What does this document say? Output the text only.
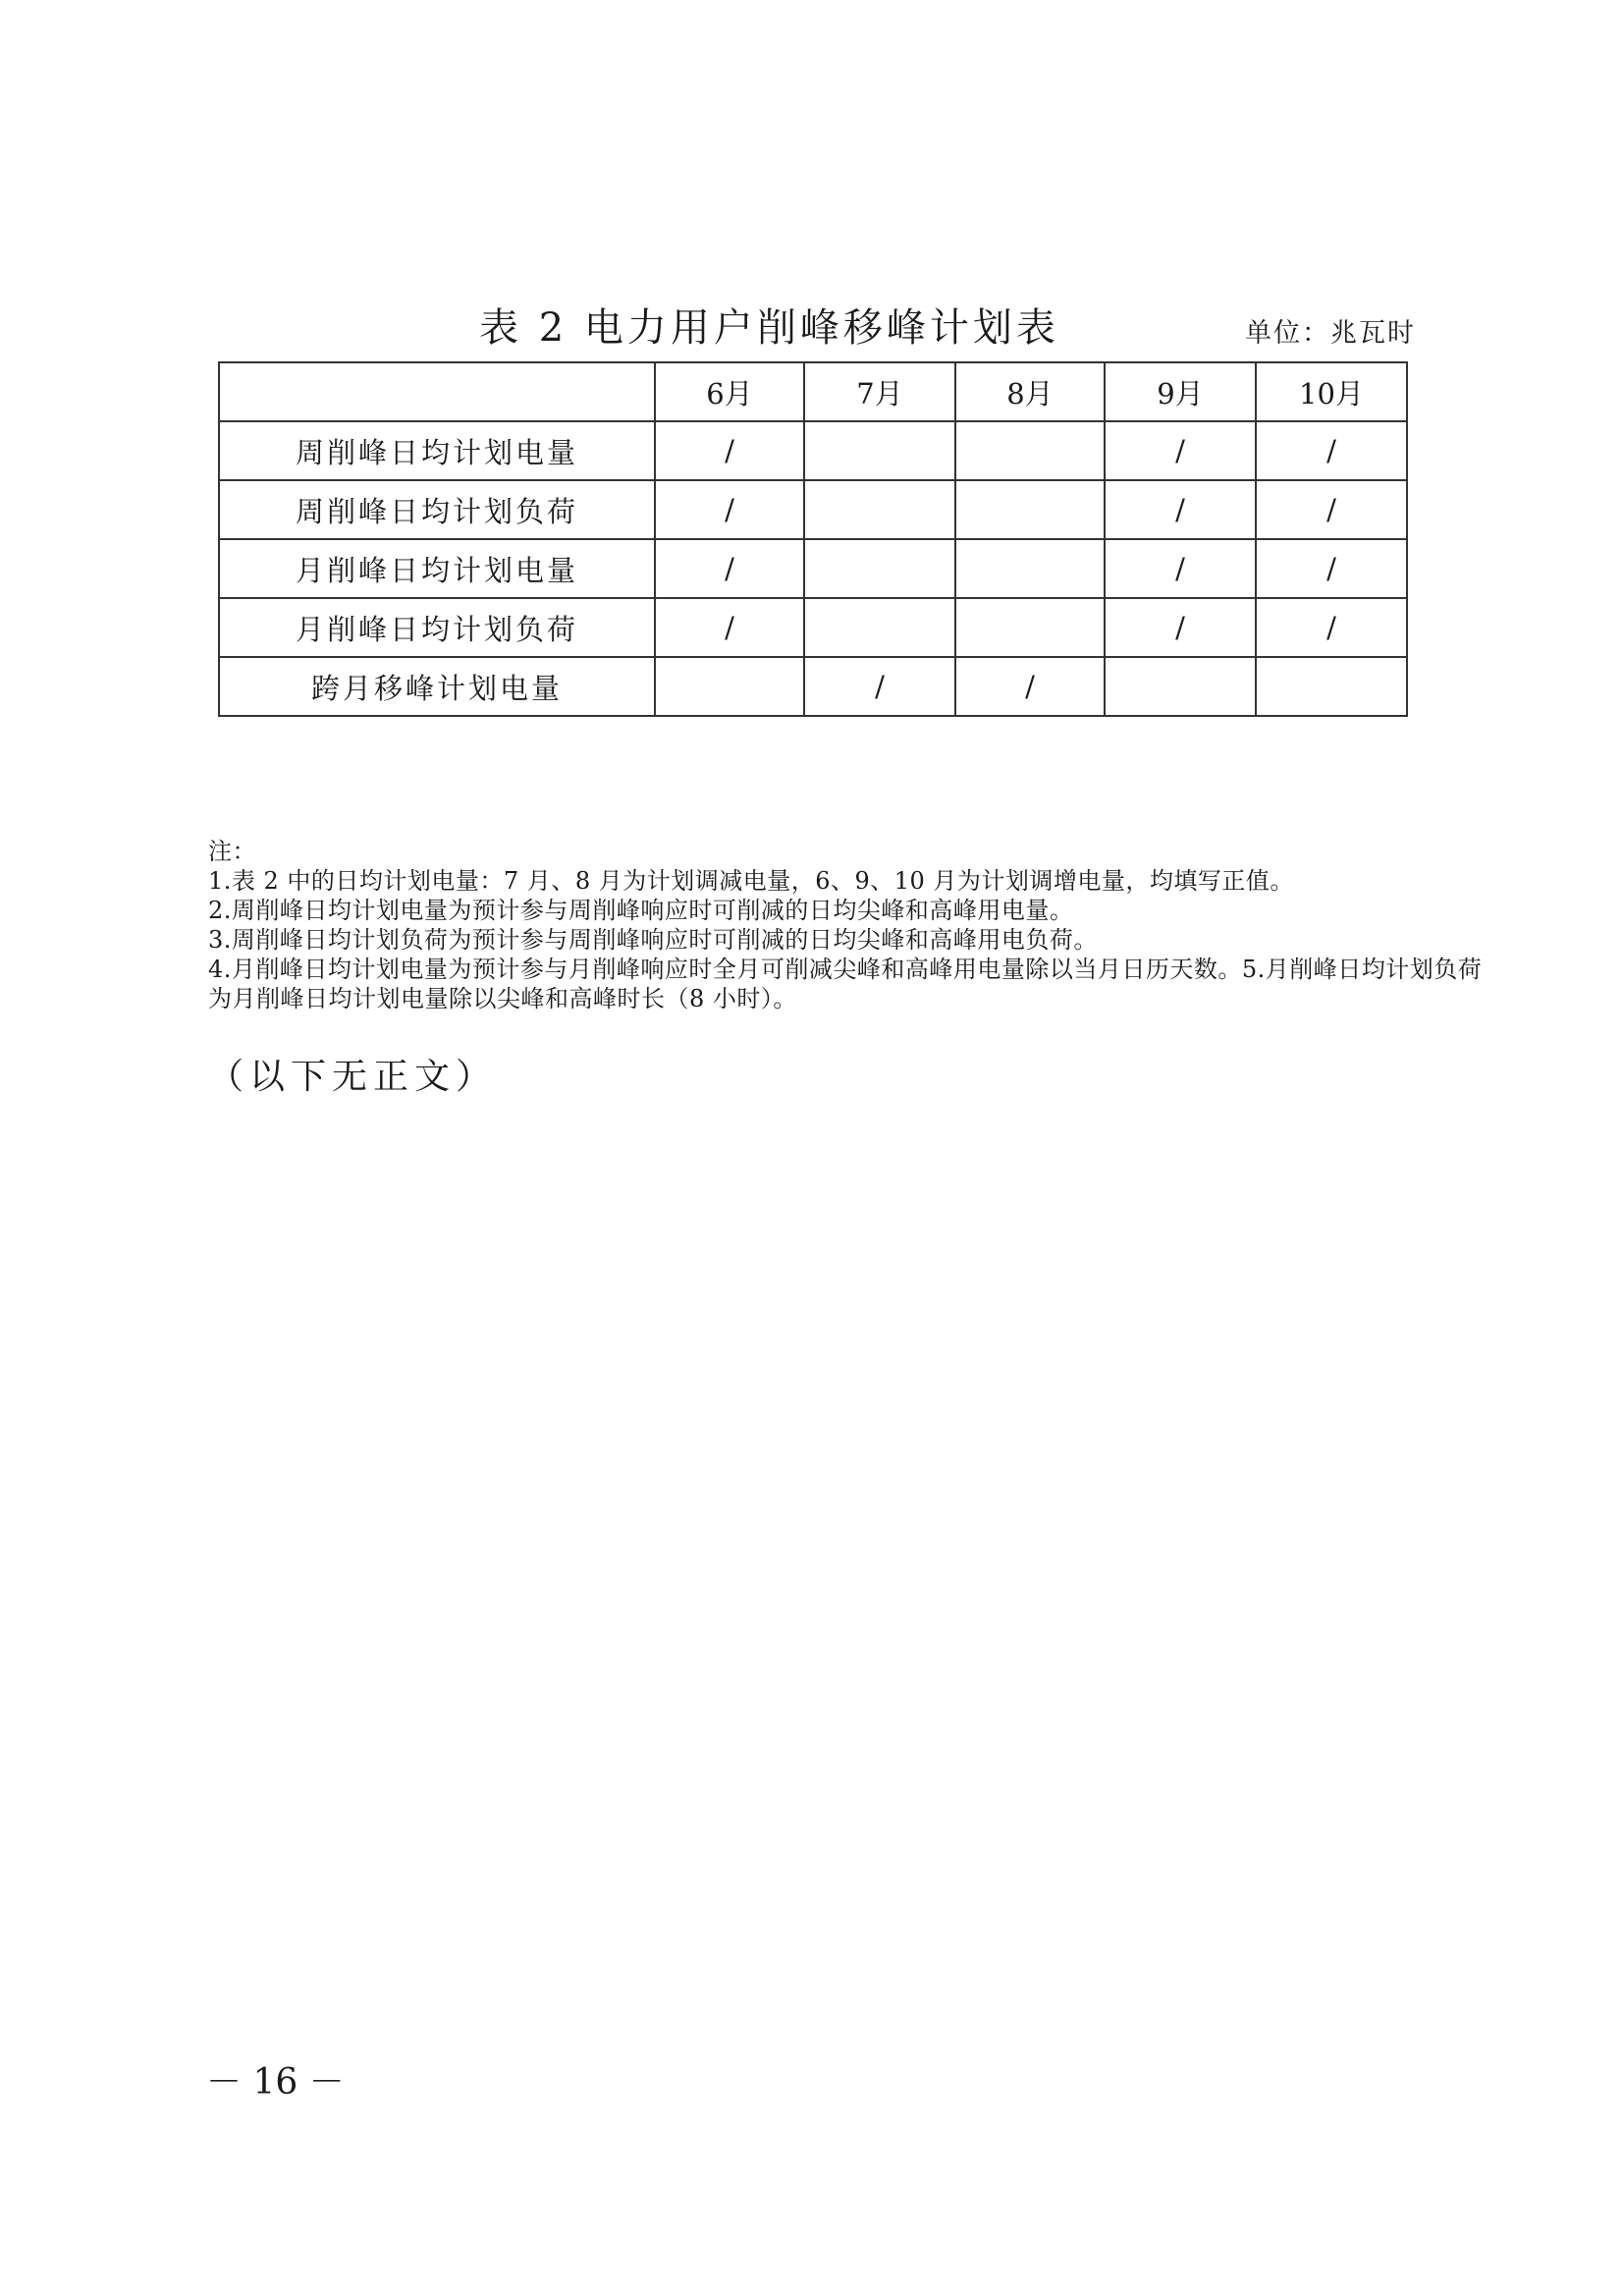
表 2 电力用户削峰移峰计划表	单位：兆瓦时
	6月	7月	8月	9月	10月
周削峰日均计划电量	/			/	/
周削峰日均计划负荷	/			/	/
月削峰日均计划电量	/			/	/
月削峰日均计划负荷	/			/	/
跨月移峰计划电量		/	/		
注：
1.表 2 中的日均计划电量：7 月、8 月为计划调减电量，6、9、10 月为计划调增电量，均填写正值。
2.周削峰日均计划电量为预计参与周削峰响应时可削减的日均尖峰和高峰用电量。
3.周削峰日均计划负荷为预计参与周削峰响应时可削减的日均尖峰和高峰用电负荷。
4.月削峰日均计划电量为预计参与月削峰响应时全月可削减尖峰和高峰用电量除以当月日历天数。5.月削峰日均计划负荷为月削峰日均计划电量除以尖峰和高峰时长（8 小时）。
（以下无正文）
－ 16 －
